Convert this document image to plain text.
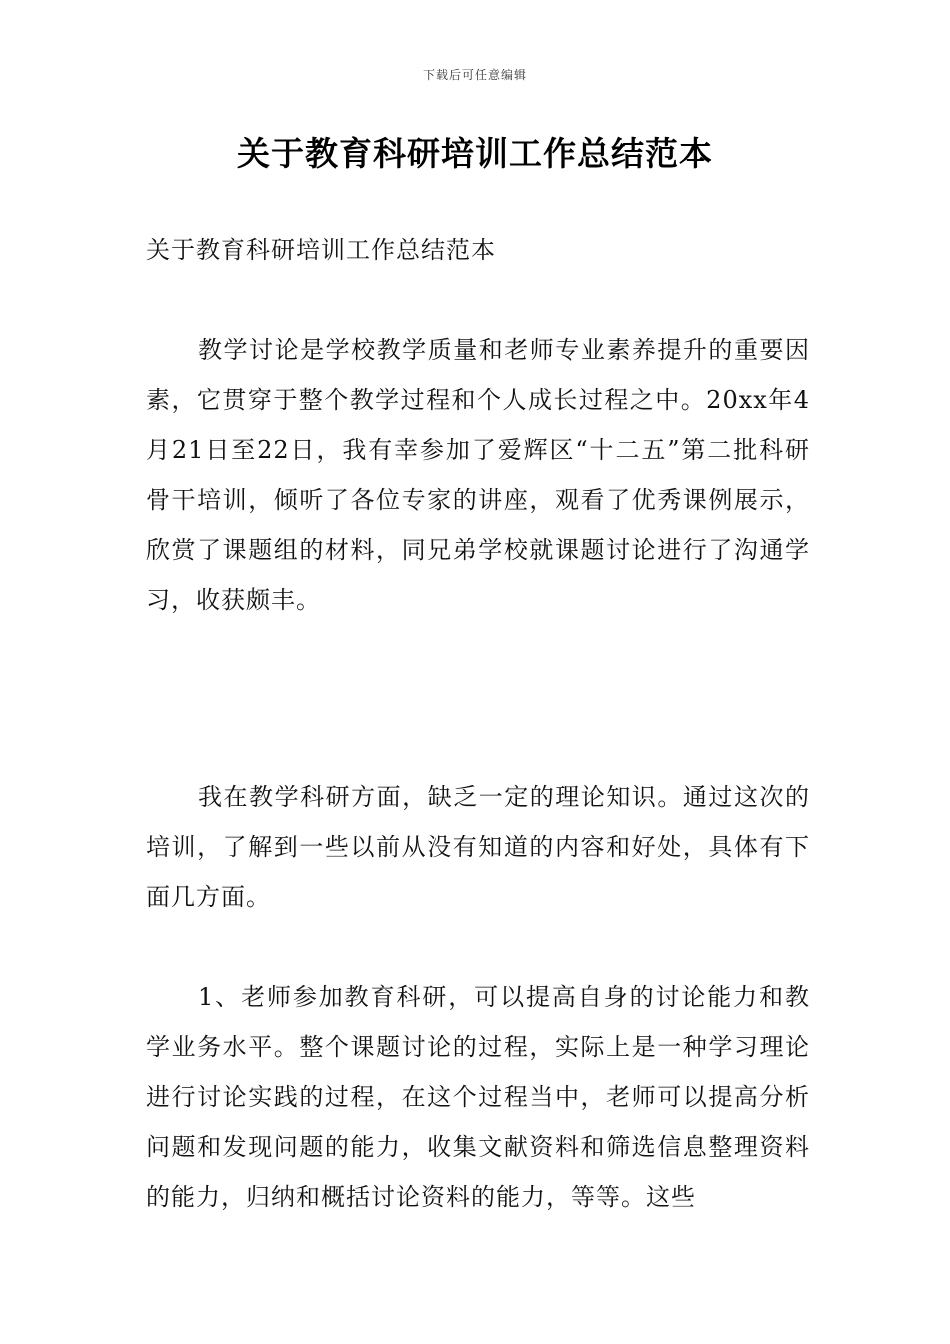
下载后可任意编辑
关于教育科研培训工作总结范本

关于教育科研培训工作总结范本

教学讨论是学校教学质量和老师专业素养提升的重要因素，它贯穿于整个教学过程和个人成长过程之中。20xx年4月21日至22日，我有幸参加了爱辉区“十二五”第二批科研骨干培训，倾听了各位专家的讲座，观看了优秀课例展示，欣赏了课题组的材料，同兄弟学校就课题讨论进行了沟通学习，收获颇丰。

我在教学科研方面，缺乏一定的理论知识。通过这次的培训，了解到一些以前从没有知道的内容和好处，具体有下面几方面。

1、老师参加教育科研，可以提高自身的讨论能力和教学业务水平。整个课题讨论的过程，实际上是一种学习理论进行讨论实践的过程，在这个过程当中，老师可以提高分析问题和发现问题的能力，收集文献资料和筛选信息整理资料的能力，归纳和概括讨论资料的能力，等等。这些
